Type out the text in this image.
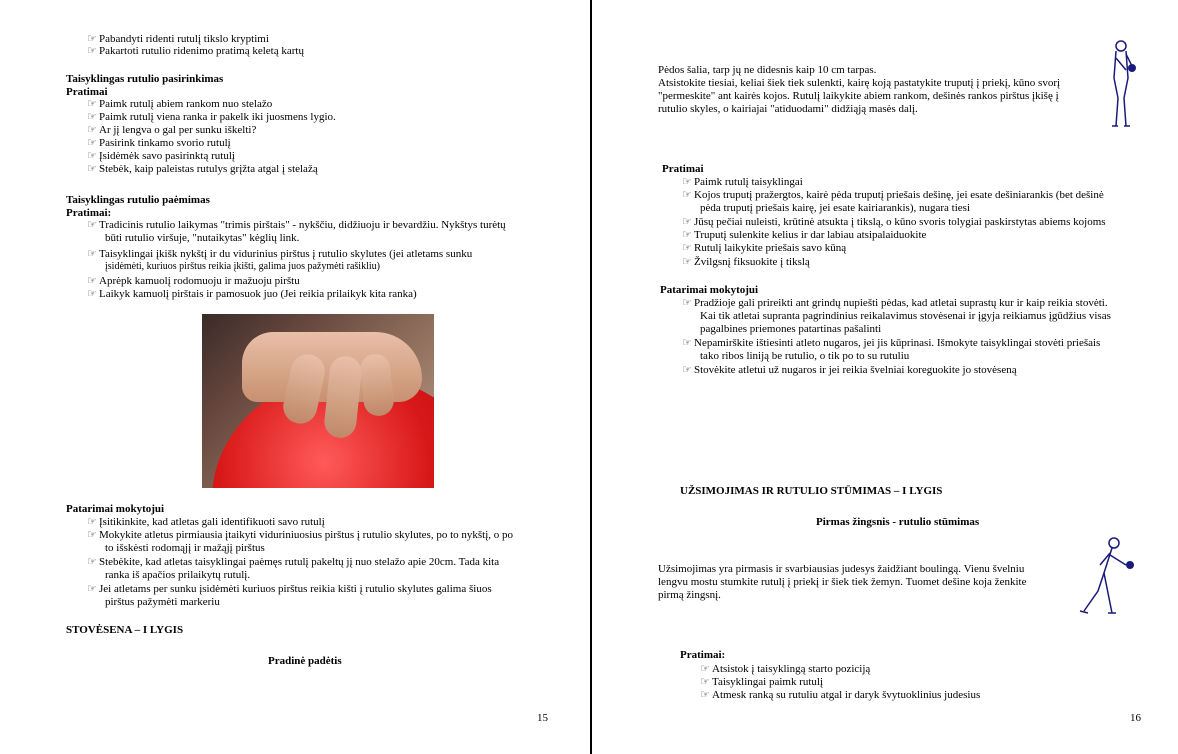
☞ Pabandyti ridenti rutulį tikslo kryptimi
☞ Pakartoti rutulio ridenimo pratimą keletą kartų
Taisyklingas rutulio pasirinkimas
Pratimai
☞ Paimk rutulį abiem rankom nuo stelažo
☞ Paimk rutulį viena ranka ir pakelk iki juosmens lygio.
☞ Ar jį lengva o gal per sunku iškelti?
☞ Pasirink tinkamo svorio rutulį
☞ Įsidėmėk savo pasirinktą rutulį
☞ Stebėk, kaip paleistas rutulys grįžta atgal į stelažą
Taisyklingas rutulio paėmimas
Pratimai:
☞ Tradicinis rutulio laikymas "trimis pirštais" - nykščiu, didžiuoju ir bevardžiu. Nykštys turėtų
būti rutulio viršuje, "nutaikytas" kėglių link.
☞ Taisyklingai įkišk nykštį ir du vidurinius pirštus į rutulio skylutes (jei atletams sunku
įsidėmėti, kuriuos pirštus reikia įkišti, galima juos pažymėti rašikliu)
☞ Aprėpk kamuolį rodomuoju ir mažuoju pirštu
☞ Laikyk kamuolį pirštais ir pamosuok juo (Jei reikia prilaikyk kita ranka)
Patarimai mokytojui
☞ Įsitikinkite, kad atletas gali identifikuoti savo rutulį
☞ Mokykite atletus pirmiausia įtaikyti viduriniuosius pirštus į rutulio skylutes, po to nykštį, o po
to išskėsti rodomąjį ir mažąjį pirštus
☞ Stebėkite, kad atletas taisyklingai paėmęs rutulį pakeltų jį nuo stelažo apie 20cm. Tada kita
ranka iš apačios prilaikytų rutulį.
☞ Jei atletams per sunku įsidėmėti kuriuos pirštus reikia kišti į rutulio skylutes galima šiuos
pirštus pažymėti markeriu
STOVĖSENA – I LYGIS
Pradinė padėtis
15
Pėdos šalia, tarp jų ne didesnis kaip 10 cm tarpas.
Atsistokite tiesiai, keliai šiek tiek sulenkti, kairę koją pastatykite truputį į priekį, kūno svorį
"permeskite" ant kairės kojos. Rutulį laikykite abiem rankom, dešinės rankos pirštus įkišę į
rutulio skyles, o kairiajai "atiduodami" didžiąją masės dalį.
Pratimai
☞ Paimk rutulį taisyklingai
☞ Kojos truputį pražergtos, kairė pėda truputį priešais dešinę, jei esate dešiniarankis (bet dešinė
pėda truputį priešais kairę, jei esate kairiarankis), nugara tiesi
☞ Jūsų pečiai nuleisti, krūtinė atsukta į tikslą, o kūno svoris tolygiai paskirstytas abiems kojoms
☞ Truputį sulenkite kelius ir dar labiau atsipalaiduokite
☞ Rutulį laikykite priešais savo kūną
☞ Žvilgsnį fiksuokite į tikslą
Patarimai mokytojui
☞ Pradžioje gali prireikti ant grindų nupiešti pėdas, kad atletai suprastų kur ir kaip reikia stovėti.
Kai tik atletai supranta pagrindinius reikalavimus stovėsenai ir įgyja reikiamus įgūdžius visas
pagalbines priemones patartinas pašalinti
☞ Nepamirškite ištiesinti atleto nugaros, jei jis kūprinasi. Išmokyte taisyklingai stovėti priešais
tako ribos liniją be rutulio, o tik po to su rutuliu
☞ Stovėkite atletui už nugaros ir jei reikia švelniai koreguokite jo stovėseną
UŽSIMOJIMAS IR RUTULIO STŪMIMAS – I LYGIS
Pirmas žingsnis - rutulio stūmimas
Užsimojimas yra pirmasis ir svarbiausias judesys žaidžiant boulingą. Vienu švelniu
lengvu mostu stumkite rutulį į priekį ir šiek tiek žemyn. Tuomet dešine koja ženkite
pirmą žingsnį.
Pratimai:
☞ Atsistok į taisyklingą starto poziciją
☞ Taisyklingai paimk rutulį
☞ Atmesk ranką su rutuliu atgal ir daryk švytuoklinius judesius
16
